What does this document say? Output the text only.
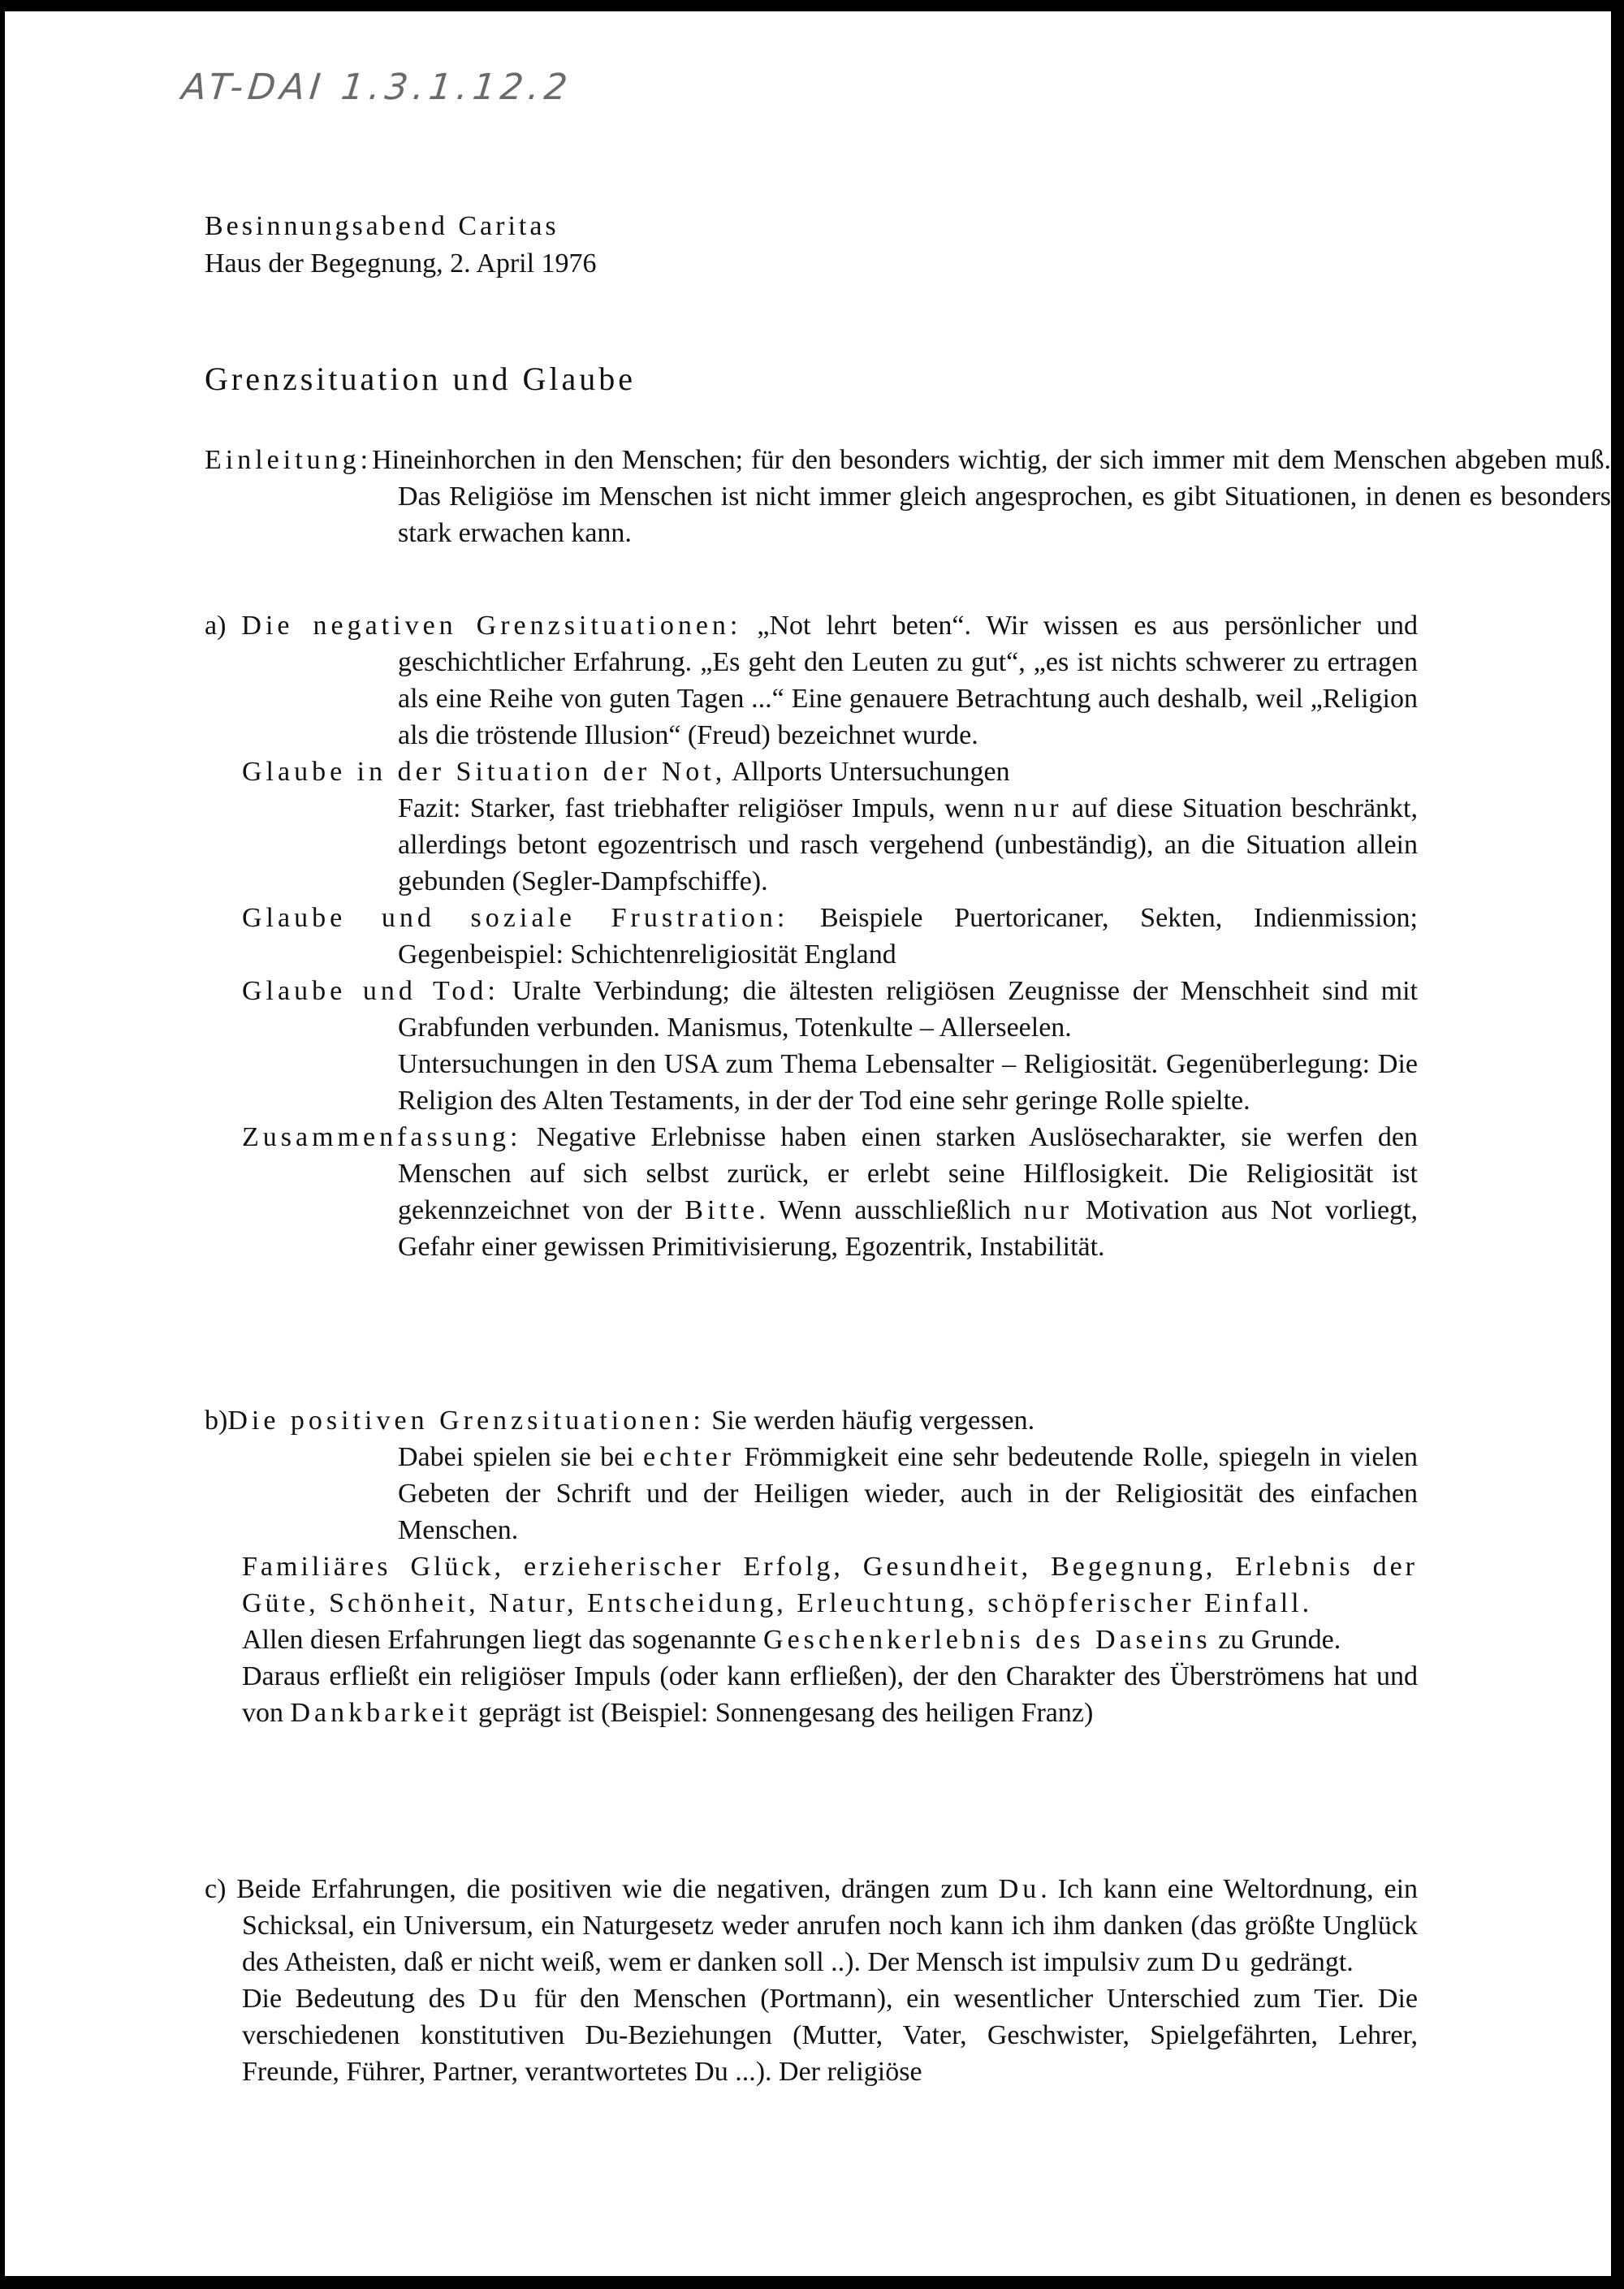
AT-DAI 1.3.1.12.2
Besinnungsabend Caritas
Haus der Begegnung, 2. April 1976
Grenzsituation und Glaube
Einleitung:Hineinhorchen in den Menschen; für den besonders wichtig, der sich immer mit dem Menschen abgeben muß. Das Religiöse im Menschen ist nicht immer gleich angesprochen, es gibt Situationen, in denen es besonders stark erwachen kann.
a) Die negativen Grenzsituationen: „Not lehrt beten“. Wir wissen es aus persönlicher und geschichtlicher Erfahrung. „Es geht den Leuten zu gut“, „es ist nichts schwerer zu ertragen als eine Reihe von guten Tagen ...“ Eine genauere Betrachtung auch deshalb, weil „Religion als die tröstende Illusion“ (Freud) bezeichnet wurde.
Glaube in der Situation der Not, Allports Untersuchungen
Fazit: Starker, fast triebhafter religiöser Impuls, wenn nur auf diese Situation beschränkt, allerdings betont egozentrisch und rasch vergehend (unbeständig), an die Situation allein gebunden (Segler-Dampfschiffe).
Glaube und soziale Frustration: Beispiele Puertoricaner, Sekten, Indienmission; Gegenbeispiel: Schichtenreligiosität England
Glaube und Tod: Uralte Verbindung; die ältesten religiösen Zeugnisse der Menschheit sind mit Grabfunden verbunden. Manismus, Totenkulte – Allerseelen.
Untersuchungen in den USA zum Thema Lebensalter – Religiosität. Gegenüberlegung: Die Religion des Alten Testaments, in der der Tod eine sehr geringe Rolle spielte.
Zusammenfassung: Negative Erlebnisse haben einen starken Auslösecharakter, sie werfen den Menschen auf sich selbst zurück, er erlebt seine Hilflosigkeit. Die Religiosität ist gekennzeichnet von der Bitte. Wenn ausschließlich nur Motivation aus Not vorliegt, Gefahr einer gewissen Primitivisierung, Egozentrik, Instabilität.
b)Die positiven Grenzsituationen: Sie werden häufig vergessen.
Dabei spielen sie bei echter Frömmigkeit eine sehr bedeutende Rolle, spiegeln in vielen Gebeten der Schrift und der Heiligen wieder, auch in der Religiosität des einfachen Menschen.
Familiäres Glück, erzieherischer Erfolg, Gesundheit, Begegnung, Erlebnis der Güte, Schönheit, Natur, Entscheidung, Erleuchtung, schöpferischer Einfall.
Allen diesen Erfahrungen liegt das sogenannte Geschenkerlebnis des Daseins zu Grunde.
Daraus erfließt ein religiöser Impuls (oder kann erfließen), der den Charakter des Überströmens hat und von Dankbarkeit geprägt ist (Beispiel: Sonnengesang des heiligen Franz)
c) Beide Erfahrungen, die positiven wie die negativen, drängen zum Du. Ich kann eine Weltordnung, ein Schicksal, ein Universum, ein Naturgesetz weder anrufen noch kann ich ihm danken (das größte Unglück des Atheisten, daß er nicht weiß, wem er danken soll ..). Der Mensch ist impulsiv zum Du gedrängt.
Die Bedeutung des Du für den Menschen (Portmann), ein wesentlicher Unterschied zum Tier. Die verschiedenen konstitutiven Du-Beziehungen (Mutter, Vater, Geschwister, Spielgefährten, Lehrer, Freunde, Führer, Partner, verantwortetes Du ...). Der religiöse
